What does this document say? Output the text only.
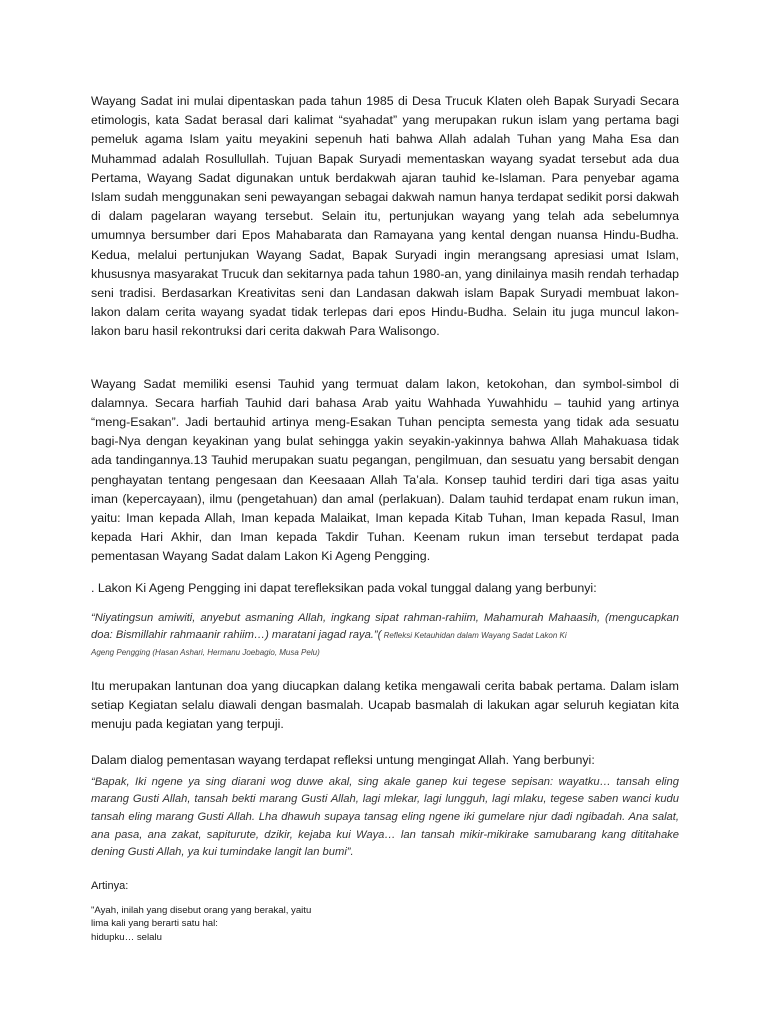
Wayang Sadat ini mulai dipentaskan pada tahun 1985 di Desa Trucuk Klaten oleh Bapak Suryadi Secara etimologis, kata Sadat berasal dari kalimat “syahadat” yang merupakan rukun islam yang pertama bagi pemeluk agama Islam yaitu meyakini sepenuh hati bahwa Allah adalah Tuhan yang Maha Esa dan Muhammad adalah Rosullullah. Tujuan Bapak Suryadi mementaskan wayang syadat tersebut ada dua Pertama, Wayang Sadat digunakan untuk berdakwah ajaran tauhid ke-Islaman. Para penyebar agama Islam sudah menggunakan seni pewayangan sebagai dakwah namun hanya terdapat sedikit porsi dakwah di dalam pagelaran wayang tersebut. Selain itu, pertunjukan wayang yang telah ada sebelumnya umumnya bersumber dari Epos Mahabarata dan Ramayana yang kental dengan nuansa Hindu-Budha. Kedua, melalui pertunjukan Wayang Sadat, Bapak Suryadi ingin merangsang apresiasi umat Islam, khususnya masyarakat Trucuk dan sekitarnya pada tahun 1980-an, yang dinilainya masih rendah terhadap seni tradisi. Berdasarkan Kreativitas seni dan Landasan dakwah islam Bapak Suryadi membuat lakon-lakon dalam cerita wayang syadat tidak terlepas dari epos Hindu-Budha. Selain itu juga muncul lakon-lakon baru hasil rekontruksi dari cerita dakwah Para Walisongo.

Wayang Sadat memiliki esensi Tauhid yang termuat dalam lakon, ketokohan, dan symbol-simbol di dalamnya. Secara harfiah Tauhid dari bahasa Arab yaitu Wahhada Yuwahhidu – tauhid yang artinya “meng-Esakan”. Jadi bertauhid artinya meng-Esakan Tuhan pencipta semesta yang tidak ada sesuatu bagi-Nya dengan keyakinan yang bulat sehingga yakin seyakin-yakinnya bahwa Allah Mahakuasa tidak ada tandingannya.13 Tauhid merupakan suatu pegangan, pengilmuan, dan sesuatu yang bersabit dengan penghayatan tentang pengesaan dan Keesaaan Allah Ta’ala. Konsep tauhid terdiri dari tiga asas yaitu iman (kepercayaan), ilmu (pengetahuan) dan amal (perlakuan). Dalam tauhid terdapat enam rukun iman, yaitu: Iman kepada Allah, Iman kepada Malaikat, Iman kepada Kitab Tuhan, Iman kepada Rasul, Iman kepada Hari Akhir, dan Iman kepada Takdir Tuhan. Keenam rukun iman tersebut terdapat pada pementasan Wayang Sadat dalam Lakon Ki Ageng Pengging.

. Lakon Ki Ageng Pengging ini dapat terefleksikan pada vokal tunggal dalang yang berbunyi:

“Niyatingsun amiwiti, anyebut asmaning Allah, ingkang sipat rahman-rahiim, Mahamurah Mahaasih, (mengucapkan doa: Bismillahir rahmaanir rahiim…) maratani jagad raya.”( Refleksi Ketauhidan dalam Wayang Sadat Lakon Ki

Ageng Pengging (Hasan Ashari, Hermanu Joebagio, Musa Pelu)

Itu merupakan lantunan doa yang diucapkan dalang ketika mengawali cerita babak pertama. Dalam islam setiap Kegiatan selalu diawali dengan basmalah. Ucapab basmalah di lakukan agar seluruh kegiatan kita menuju pada kegiatan yang terpuji.

Dalam dialog pementasan wayang terdapat refleksi untung mengingat Allah. Yang berbunyi:

“Bapak, Iki ngene ya sing diarani wog duwe akal, sing akale ganep kui tegese sepisan: wayatku… tansah eling marang Gusti Allah, tansah bekti marang Gusti Allah, lagi mlekar, lagi lungguh, lagi mlaku, tegese saben wanci kudu tansah eling marang Gusti Allah. Lha dhawuh supaya tansag eling ngene iki gumelare njur dadi ngibadah. Ana salat, ana pasa, ana zakat, sapiturute, dzikir, kejaba kui Waya… lan tansah mikir-mikirake samubarang kang dititahake dening Gusti Allah, ya kui tumindake langit lan bumi”.

Artinya:

"Ayah, inilah yang disebut orang yang berakal, yaitu

lima kali yang berarti satu hal:

hidupku… selalu
